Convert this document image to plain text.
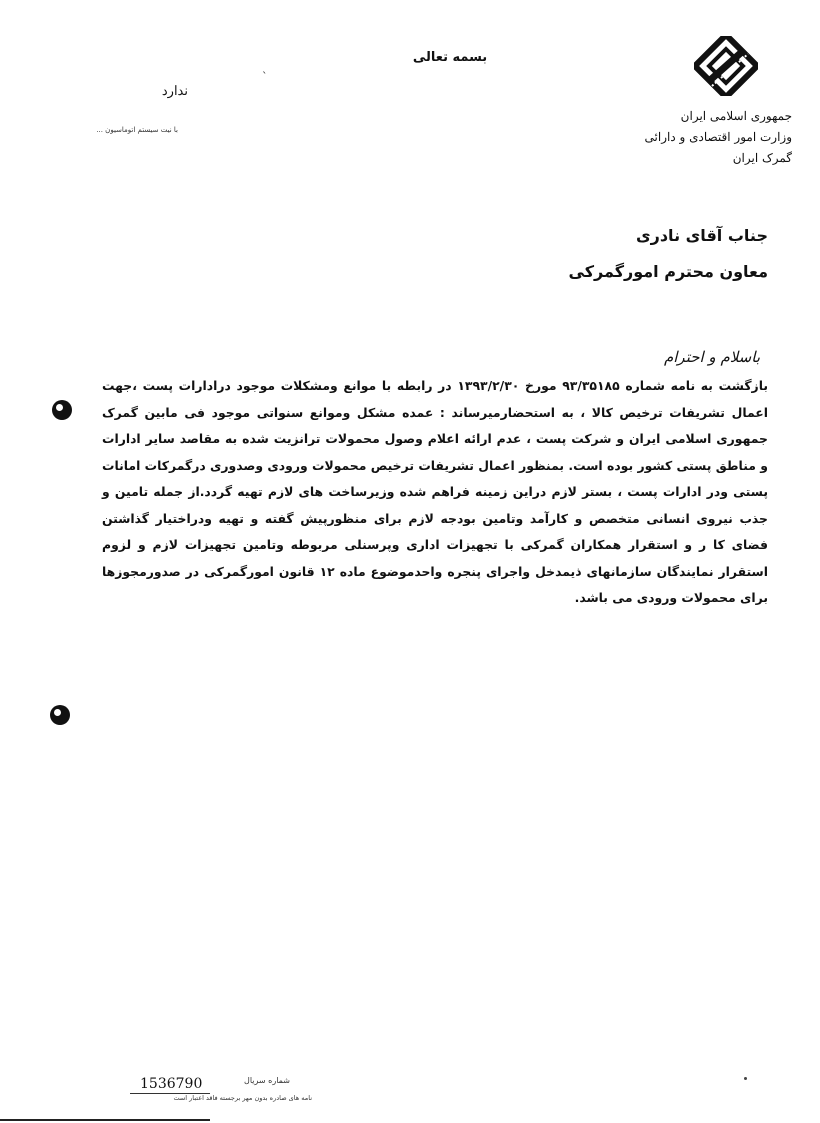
جمهوری اسلامی ایران
وزارت امور اقتصادی و دارائی
گمرک ایران
بسمه تعالی
`
ندارد
با نیت سیستم اتوماسیون ...
جناب آقای نادری
معاون محترم امورگمرکی
باسلام و احترام
بازگشت به نامه شماره ۹۳/۳۵۱۸۵ مورخ ۱۳۹۳/۲/۳۰ در رابطه با موانع ومشکلات موجود درادارات پست ،جهت اعمال تشریفات ترخیص کالا ، به استحضارمیرساند : عمده مشکل وموانع سنواتی موجود فی مابین گمرک جمهوری اسلامی ایران و شرکت پست ، عدم ارائه اعلام وصول محمولات ترانزیت شده به مقاصد سایر ادارات و مناطق پستی کشور بوده است. بمنظور اعمال تشریفات ترخیص محمولات ورودی وصدوری درگمرکات امانات پستی ودر ادارات پست ، بستر لازم دراین زمینه فراهم شده وزیرساخت های لازم تهیه گردد.از جمله تامین و جذب نیروی انسانی متخصص و کارآمد وتامین بودجه لازم برای منظورپیش گفته و تهیه ودراختیار گذاشتن فضای کا ر و استقرار همکاران گمرکی با تجهیزات اداری وپرسنلی مربوطه وتامین تجهیزات لازم و لزوم استقرار نمایندگان سازمانهای ذیمدخل واجرای پنجره واحدموضوع ماده ۱۲ قانون امورگمرکی در صدورمجوزها برای محمولات ورودی می باشد.
شماره سریال
1536790
نامه های صادره بدون مهر برجسته فاقد اعتبار است
